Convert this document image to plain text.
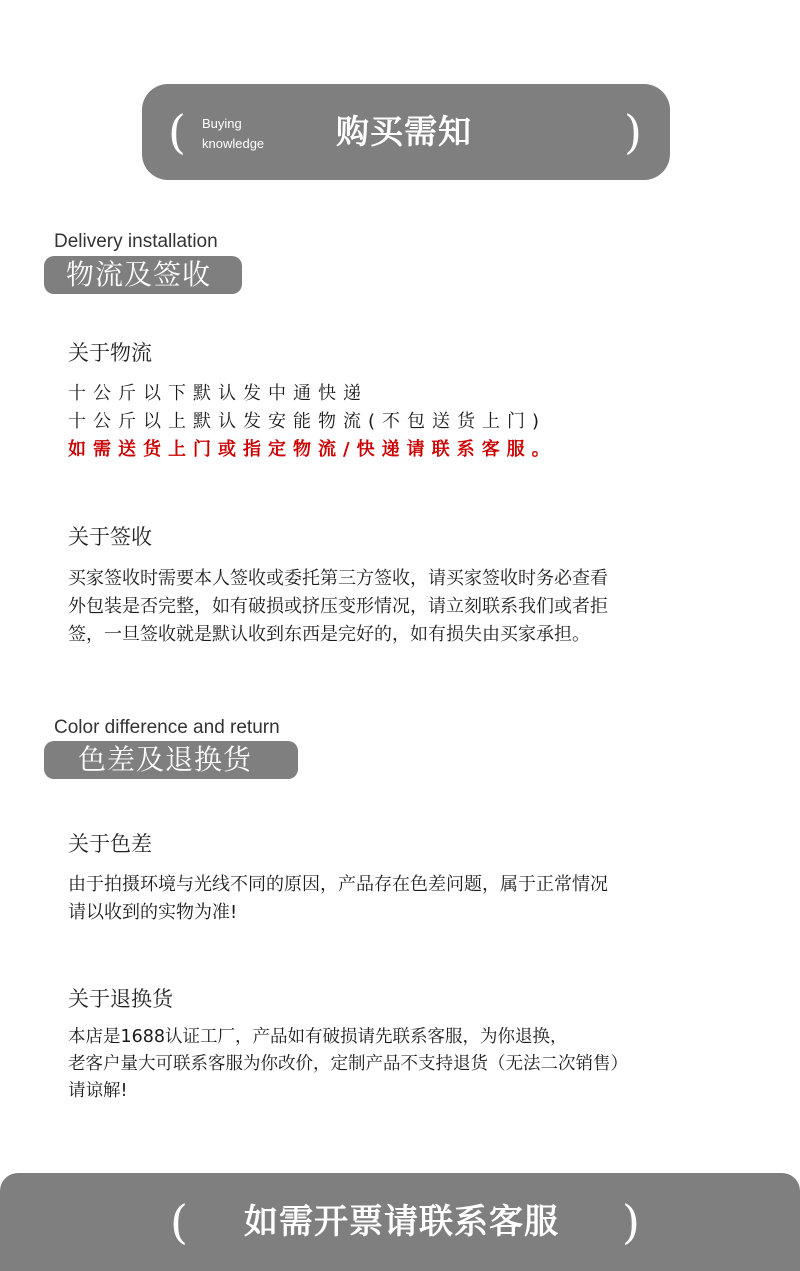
( Buying
knowledge 购买需知	)
Delivery installation
物流及签收
关于物流
十公斤以下默认发中通快递
十公斤以上默认发安能物流(不包送货上门)
如需送货上门或指定物流/快递请联系客服。
关于签收
买家签收时需要本人签收或委托第三方签收，请买家签收时务必查看
外包装是否完整，如有破损或挤压变形情况，请立刻联系我们或者拒
签，一旦签收就是默认收到东西是完好的，如有损失由买家承担。
Color difference and return
色差及退换货
关于色差
由于拍摄环境与光线不同的原因，产品存在色差问题，属于正常情况
请以收到的实物为准!
关于退换货
本店是1688认证工厂，产品如有破损请先联系客服，为你退换，
老客户量大可联系客服为你改价，定制产品不支持退货（无法二次销售）
请谅解!
( 如需开票请联系客服 )
